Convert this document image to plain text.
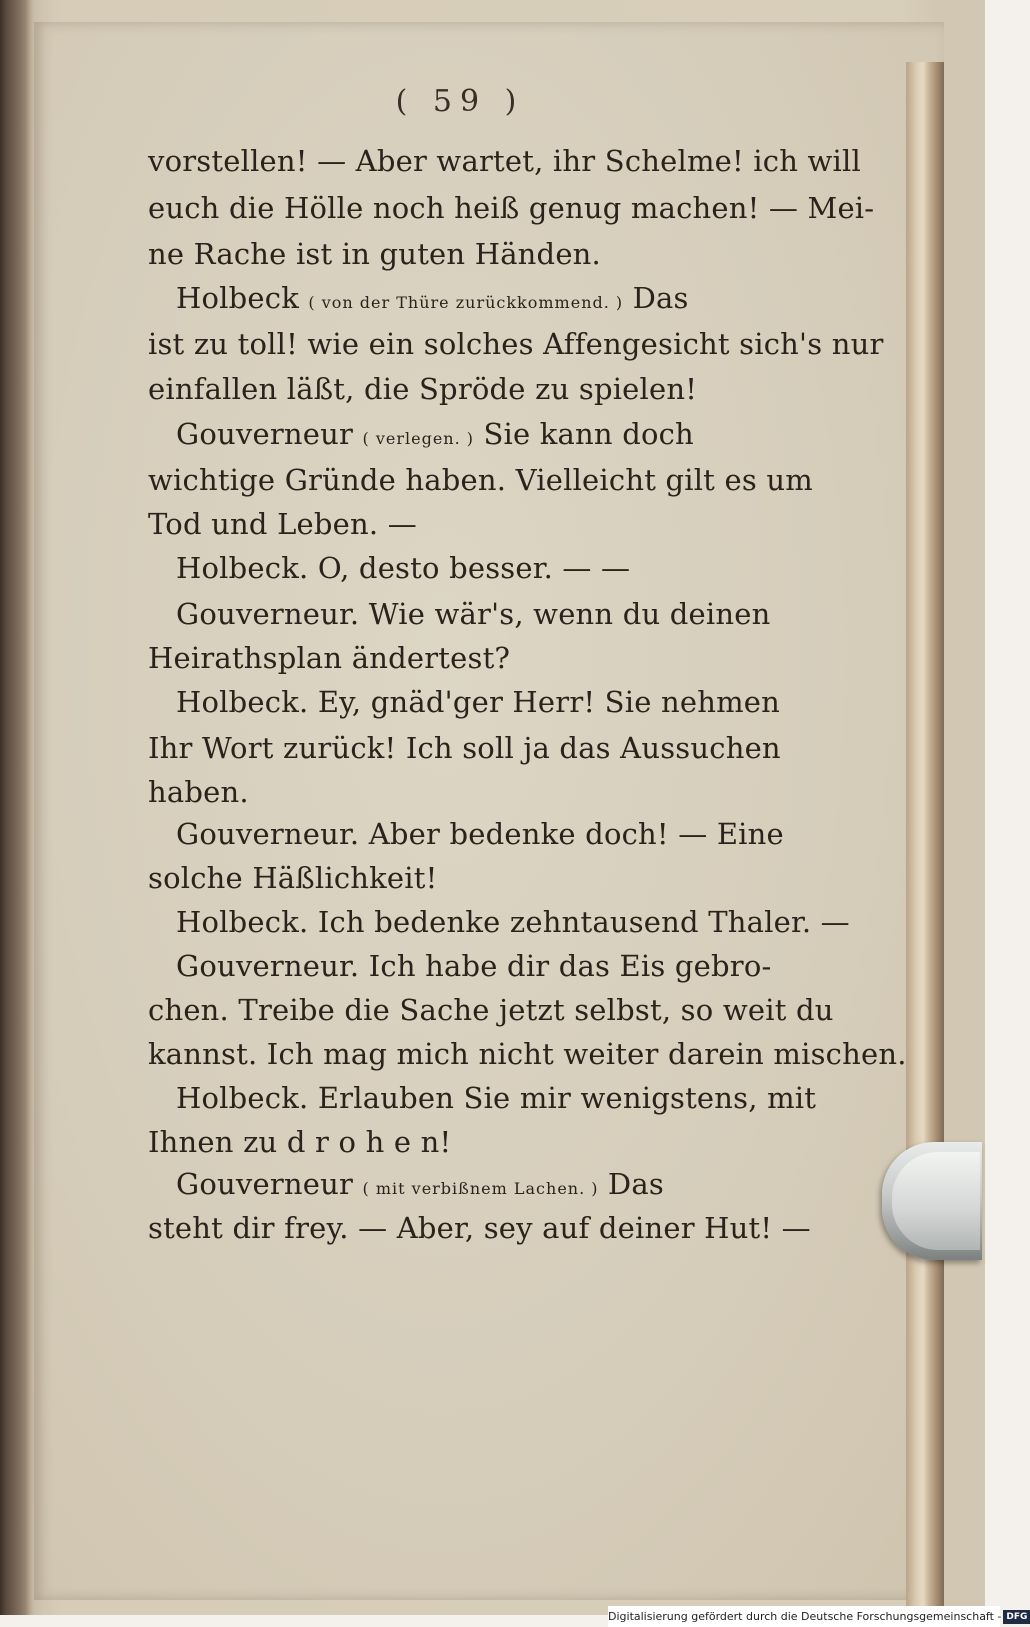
( 59 )
vorstellen! — Aber wartet, ihr Schelme! ich will
euch die Hölle noch heiß genug machen! — Mei-
ne Rache ist in guten Händen.
Holbeck ( von der Thüre zurückkommend. ) Das
ist zu toll! wie ein solches Affengesicht sich's nur
einfallen läßt, die Spröde zu spielen!
Gouverneur ( verlegen. ) Sie kann doch
wichtige Gründe haben. Vielleicht gilt es um
Tod und Leben. —
Holbeck. O, desto besser. — —
Gouverneur. Wie wär's, wenn du deinen
Heirathsplan ändertest?
Holbeck. Ey, gnäd'ger Herr! Sie nehmen
Ihr Wort zurück! Ich soll ja das Aussuchen
haben.
Gouverneur. Aber bedenke doch! — Eine
solche Häßlichkeit!
Holbeck. Ich bedenke zehntausend Thaler. —
Gouverneur. Ich habe dir das Eis gebro-
chen. Treibe die Sache jetzt selbst, so weit du
kannst. Ich mag mich nicht weiter darein mischen.
Holbeck. Erlauben Sie mir wenigstens, mit
Ihnen zu d r o h e n!
Gouverneur ( mit verbißnem Lachen. ) Das
steht dir frey. — Aber, sey auf deiner Hut! —
Digitalisierung gefördert durch die Deutsche Forschungsgemeinschaft - DFG
